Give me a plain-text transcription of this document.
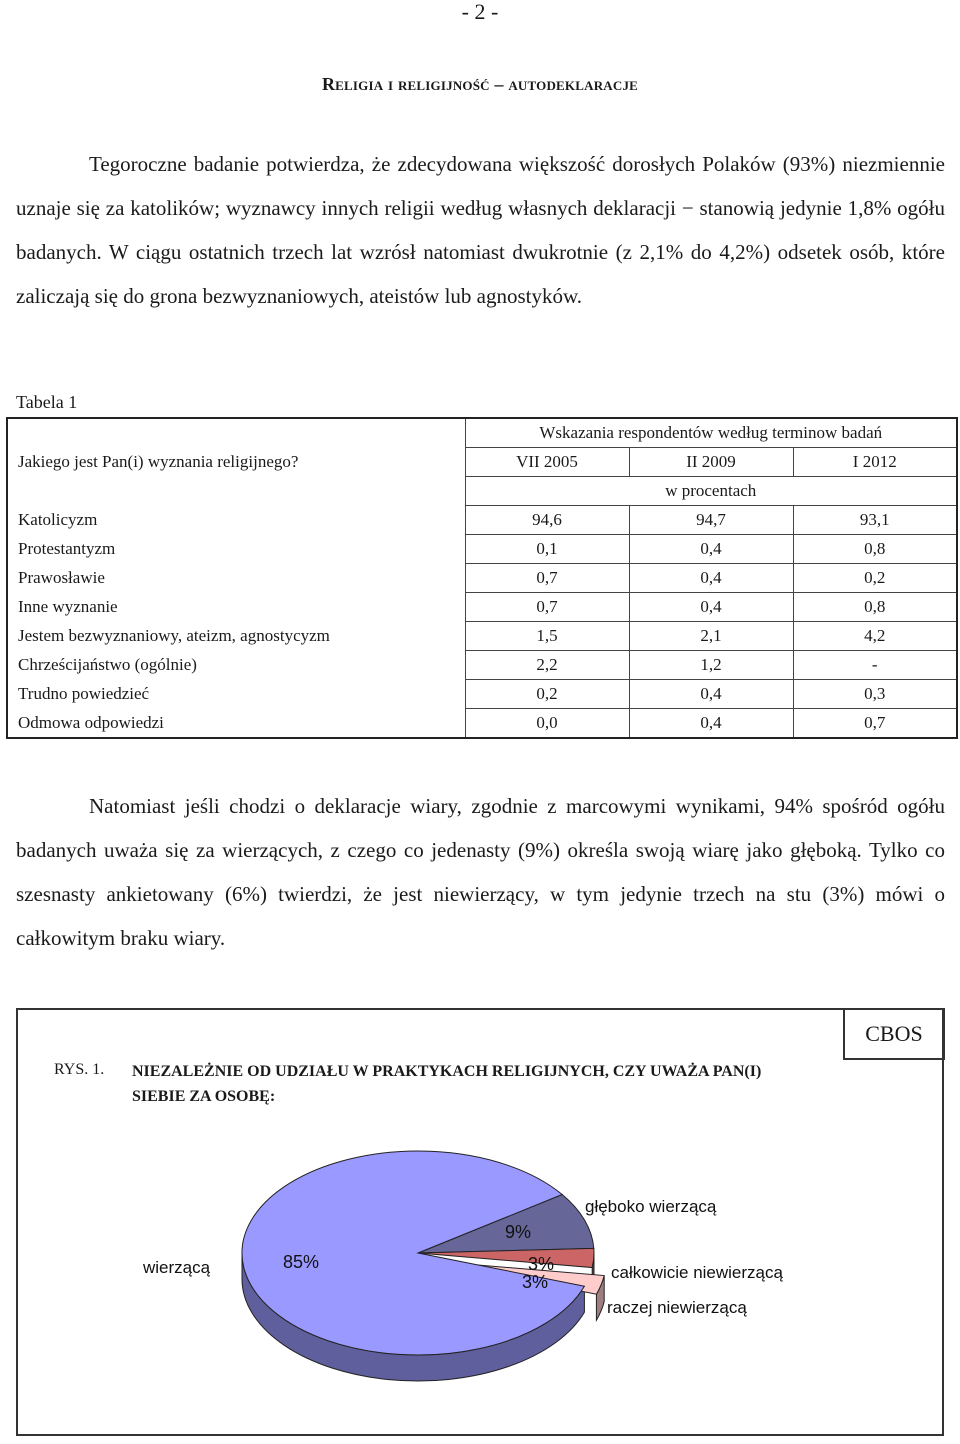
- 2 -
Religia i religijność – autodeklaracje

Tegoroczne badanie potwierdza, że zdecydowana większość dorosłych Polaków (93%) niezmiennie uznaje się za katolików; wyznawcy innych religii według własnych deklaracji − stanowią jedynie 1,8% ogółu badanych. W ciągu ostatnich trzech lat wzrósł natomiast dwukrotnie (z 2,1% do 4,2%) odsetek osób, które zaliczają się do grona bezwyznaniowych, ateistów lub agnostyków.

Tabela 1
	Wskazania respondentów według terminow badań		
Jakiego jest Pan(i) wyznania religijnego?	VII 2005	II 2009	I 2012
	w procentach		
Katolicyzm	94,6	94,7	93,1
Protestantyzm	0,1	0,4	0,8
Prawosławie	0,7	0,4	0,2
Inne wyznanie	0,7	0,4	0,8
Jestem bezwyznaniowy, ateizm, agnostycyzm	1,5	2,1	4,2
Chrześcijaństwo (ogólnie)	2,2	1,2	-
Trudno powiedzieć	0,2	0,4	0,3
Odmowa odpowiedzi	0,0	0,4	0,7

Natomiast jeśli chodzi o deklaracje wiary, zgodnie z marcowymi wynikami, 94% spośród ogółu badanych uważa się za wierzących, z czego co jedenasty (9%) określa swoją wiarę jako głęboką. Tylko co szesnasty ankietowany (6%) twierdzi, że jest niewierzący, w tym jedynie trzech na stu (3%) mówi o całkowitym braku wiary.

CBOS
RYS. 1. NIEZALEŻNIE OD UDZIAŁU W PRAKTYKACH RELIGIJNYCH, CZY UWAŻA PAN(I) SIEBIE ZA OSOBĘ:
wierzącą	85%
głęboko wierzącą
9%
całkowicie niewierzącą
3%
raczej niewierzącą
3%
